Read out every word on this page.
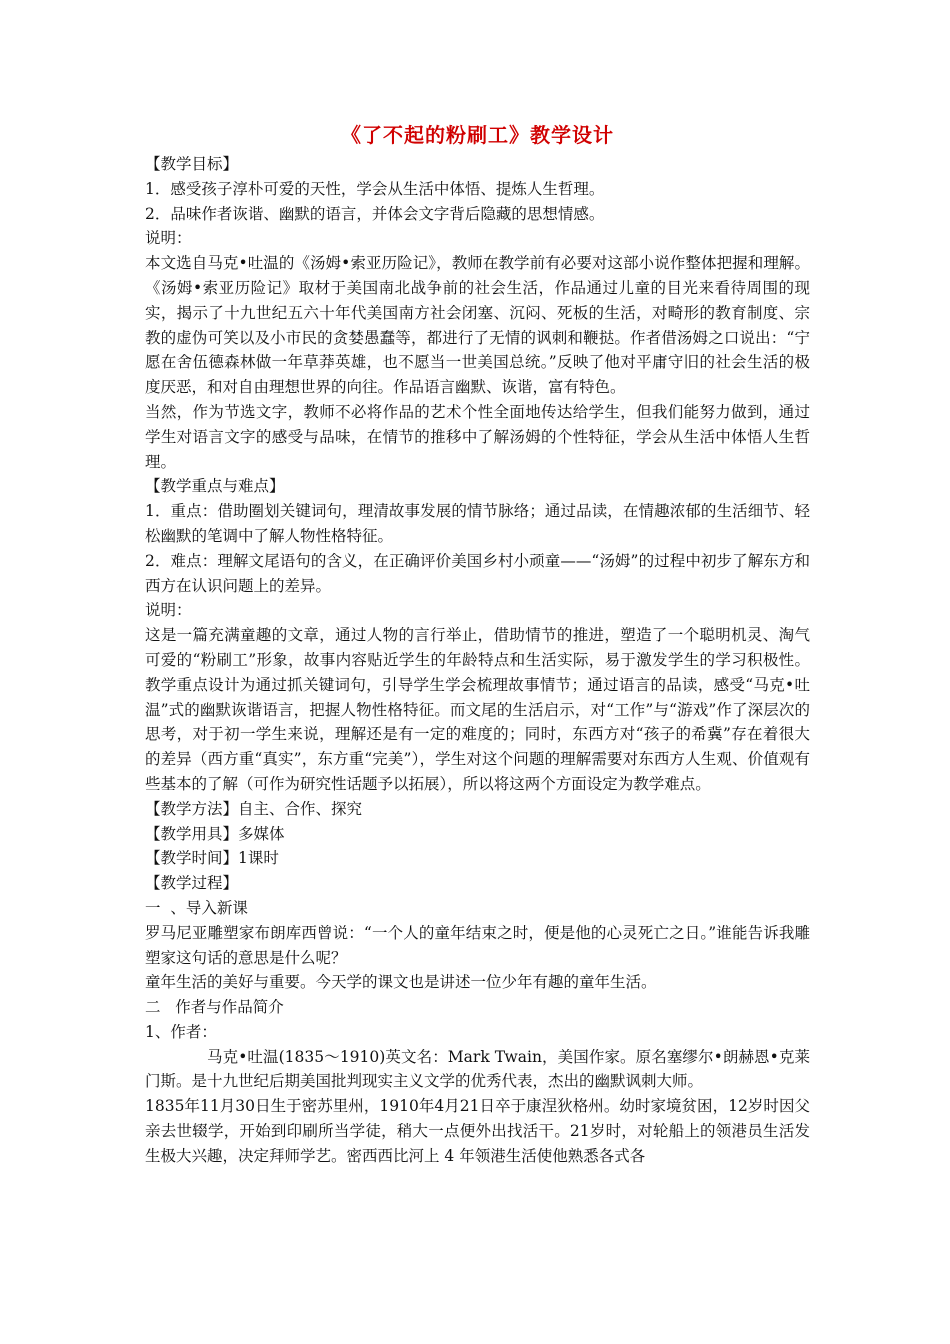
《了不起的粉刷工》教学设计

【教学目标】

1．感受孩子淳朴可爱的天性，学会从生活中体悟、提炼人生哲理。

2．品味作者诙谐、幽默的语言，并体会文字背后隐藏的思想情感。

说明：

本文选自马克•吐温的《汤姆•索亚历险记》，教师在教学前有必要对这部小说作整体把握和理解。《汤姆•索亚历险记》取材于美国南北战争前的社会生活，作品通过儿童的目光来看待周围的现实，揭示了十九世纪五六十年代美国南方社会闭塞、沉闷、死板的生活，对畸形的教育制度、宗教的虚伪可笑以及小市民的贪婪愚蠢等，都进行了无情的讽刺和鞭挞。作者借汤姆之口说出：“宁愿在舍伍德森林做一年草莽英雄，也不愿当一世美国总统。”反映了他对平庸守旧的社会生活的极度厌恶，和对自由理想世界的向往。作品语言幽默、诙谐，富有特色。

当然，作为节选文字，教师不必将作品的艺术个性全面地传达给学生，但我们能努力做到，通过学生对语言文字的感受与品味，在情节的推移中了解汤姆的个性特征，学会从生活中体悟人生哲理。

【教学重点与难点】

1．重点：借助圈划关键词句，理清故事发展的情节脉络；通过品读，在情趣浓郁的生活细节、轻松幽默的笔调中了解人物性格特征。

2．难点：理解文尾语句的含义，在正确评价美国乡村小顽童——“汤姆”的过程中初步了解东方和西方在认识问题上的差异。

说明：

这是一篇充满童趣的文章，通过人物的言行举止，借助情节的推进，塑造了一个聪明机灵、淘气可爱的“粉刷工”形象，故事内容贴近学生的年龄特点和生活实际，易于激发学生的学习积极性。教学重点设计为通过抓关键词句，引导学生学会梳理故事情节；通过语言的品读，感受“马克•吐温”式的幽默诙谐语言，把握人物性格特征。而文尾的生活启示，对“工作”与“游戏”作了深层次的思考，对于初一学生来说，理解还是有一定的难度的；同时，东西方对“孩子的希冀”存在着很大的差异（西方重“真实”，东方重“完美”），学生对这个问题的理解需要对东西方人生观、价值观有些基本的了解（可作为研究性话题予以拓展），所以将这两个方面设定为教学难点。

【教学方法】自主、合作、探究

【教学用具】多媒体

【教学时间】1课时

【教学过程】

一  、导入新课

罗马尼亚雕塑家布朗库西曾说：“一个人的童年结束之时，便是他的心灵死亡之日。”谁能告诉我雕塑家这句话的意思是什么呢？

童年生活的美好与重要。今天学的课文也是讲述一位少年有趣的童年生活。

二   作者与作品简介

1、作者：

马克•吐温(1835～1910)英文名：Mark Twain，美国作家。原名塞缪尔•朗赫恩•克莱门斯。是十九世纪后期美国批判现实主义文学的优秀代表，杰出的幽默讽刺大师。

1835年11月30日生于密苏里州，1910年4月21日卒于康涅狄格州。幼时家境贫困，12岁时因父亲去世辍学，开始到印刷所当学徒，稍大一点便外出找活干。21岁时，对轮船上的领港员生活发生极大兴趣，决定拜师学艺。密西西比河上 4 年领港生活使他熟悉各式各
